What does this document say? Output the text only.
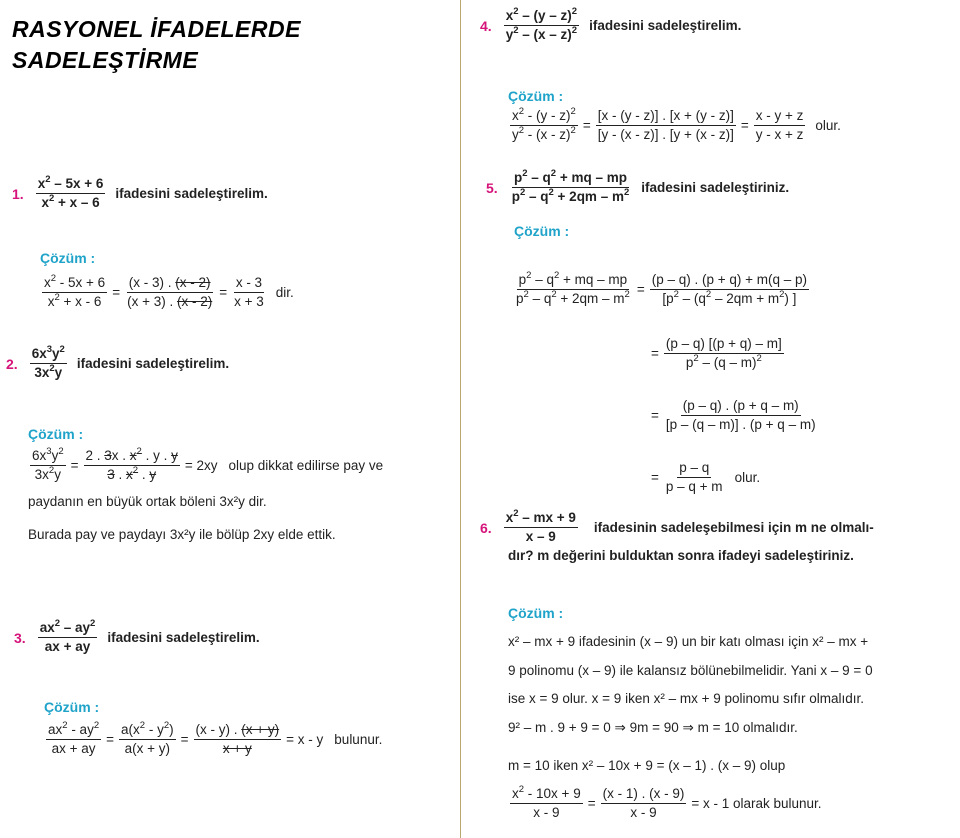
RASYONEL İFADELERDE
SADELEŞTİRME
1. $\frac{x^2 - 5x + 6}{x^2 + x - 6}$ ifadesini sadeleştirelim.
Çözüm :
$\frac{x^2 - 5x + 6}{x^2 + x - 6} = \frac{(x - 3) . (x - 2)}{(x + 3) . (x - 2)} = \frac{x - 3}{x + 3}$ dir.
2. $\frac{6x^3y^2}{3x^2y}$ ifadesini sadeleştirelim.
Çözüm :
$\frac{6x^3y^2}{3x^2y} = \frac{2 . 3x . x^2 . y . y}{3 . x^2 . y} = 2xy$ olup dikkat edilirse pay ve
paydanın en büyük ortak böleni 3x²y dir.
Burada pay ve paydayı 3x²y ile bölüp 2xy elde ettik.
3. $\frac{ax^2 - ay^2}{ax + ay}$ ifadesini sadeleştirelim.
Çözüm :
$\frac{ax^2 - ay^2}{ax + ay} = \frac{a(x^2 - y^2)}{a(x + y)} = \frac{(x - y) . (x + y)}{x + y} = x - y$ bulunur.
4. $\frac{x^2 - (y - z)^2}{y^2 - (x - z)^2}$ ifadesini sadeleştirelim.
Çözüm :
$\frac{x^2 - (y - z)^2}{y^2 - (x - z)^2} = \frac{[x - (y - z)] . [x + (y - z)]}{[y - (x - z)] . [y + (x - z)]} = \frac{x - y + z}{y - x + z}$ olur.
5. $\frac{p^2 - q^2 + mq - mp}{p^2 - q^2 + 2qm - m^2}$ ifadesini sadeleştiriniz.
Çözüm :
$\frac{p^2 - q^2 + mq - mp}{p^2 - q^2 + 2qm - m^2} = \frac{(p - q) . (p + q) + m(q - p)}{[p^2 - (q^2 - 2qm + m^2) ]}$
= $\frac{(p - q) [(p + q) - m]}{p^2 - (q - m)^2}$
= $\frac{(p - q) . (p + q - m)}{[p - (q - m)] . (p + q - m)}$
= $\frac{p - q}{p - q + m}$ olur.
6. $\frac{x^2 - mx + 9}{x - 9}$ ifadesinin sadeleşebilmesi için m ne olmalı-
dır? m değerini bulduktan sonra ifadeyi sadeleştiriniz.
Çözüm :
x² – mx + 9 ifadesinin (x – 9) un bir katı olması için x² – mx +
9 polinomu (x – 9) ile kalansız bölünebilmelidir. Yani x – 9 = 0
ise x = 9 olur. x = 9 iken x² – mx + 9 polinomu sıfır olmalıdır.
9² – m . 9 + 9 = 0 ⇒ 9m = 90 ⇒ m = 10 olmalıdır.
m = 10 iken x² – 10x + 9 = (x – 1) . (x – 9) olup
$\frac{x^2 - 10x + 9}{x - 9} = \frac{(x - 1) . (x - 9)}{x - 9} = x - 1$ olarak bulunur.
